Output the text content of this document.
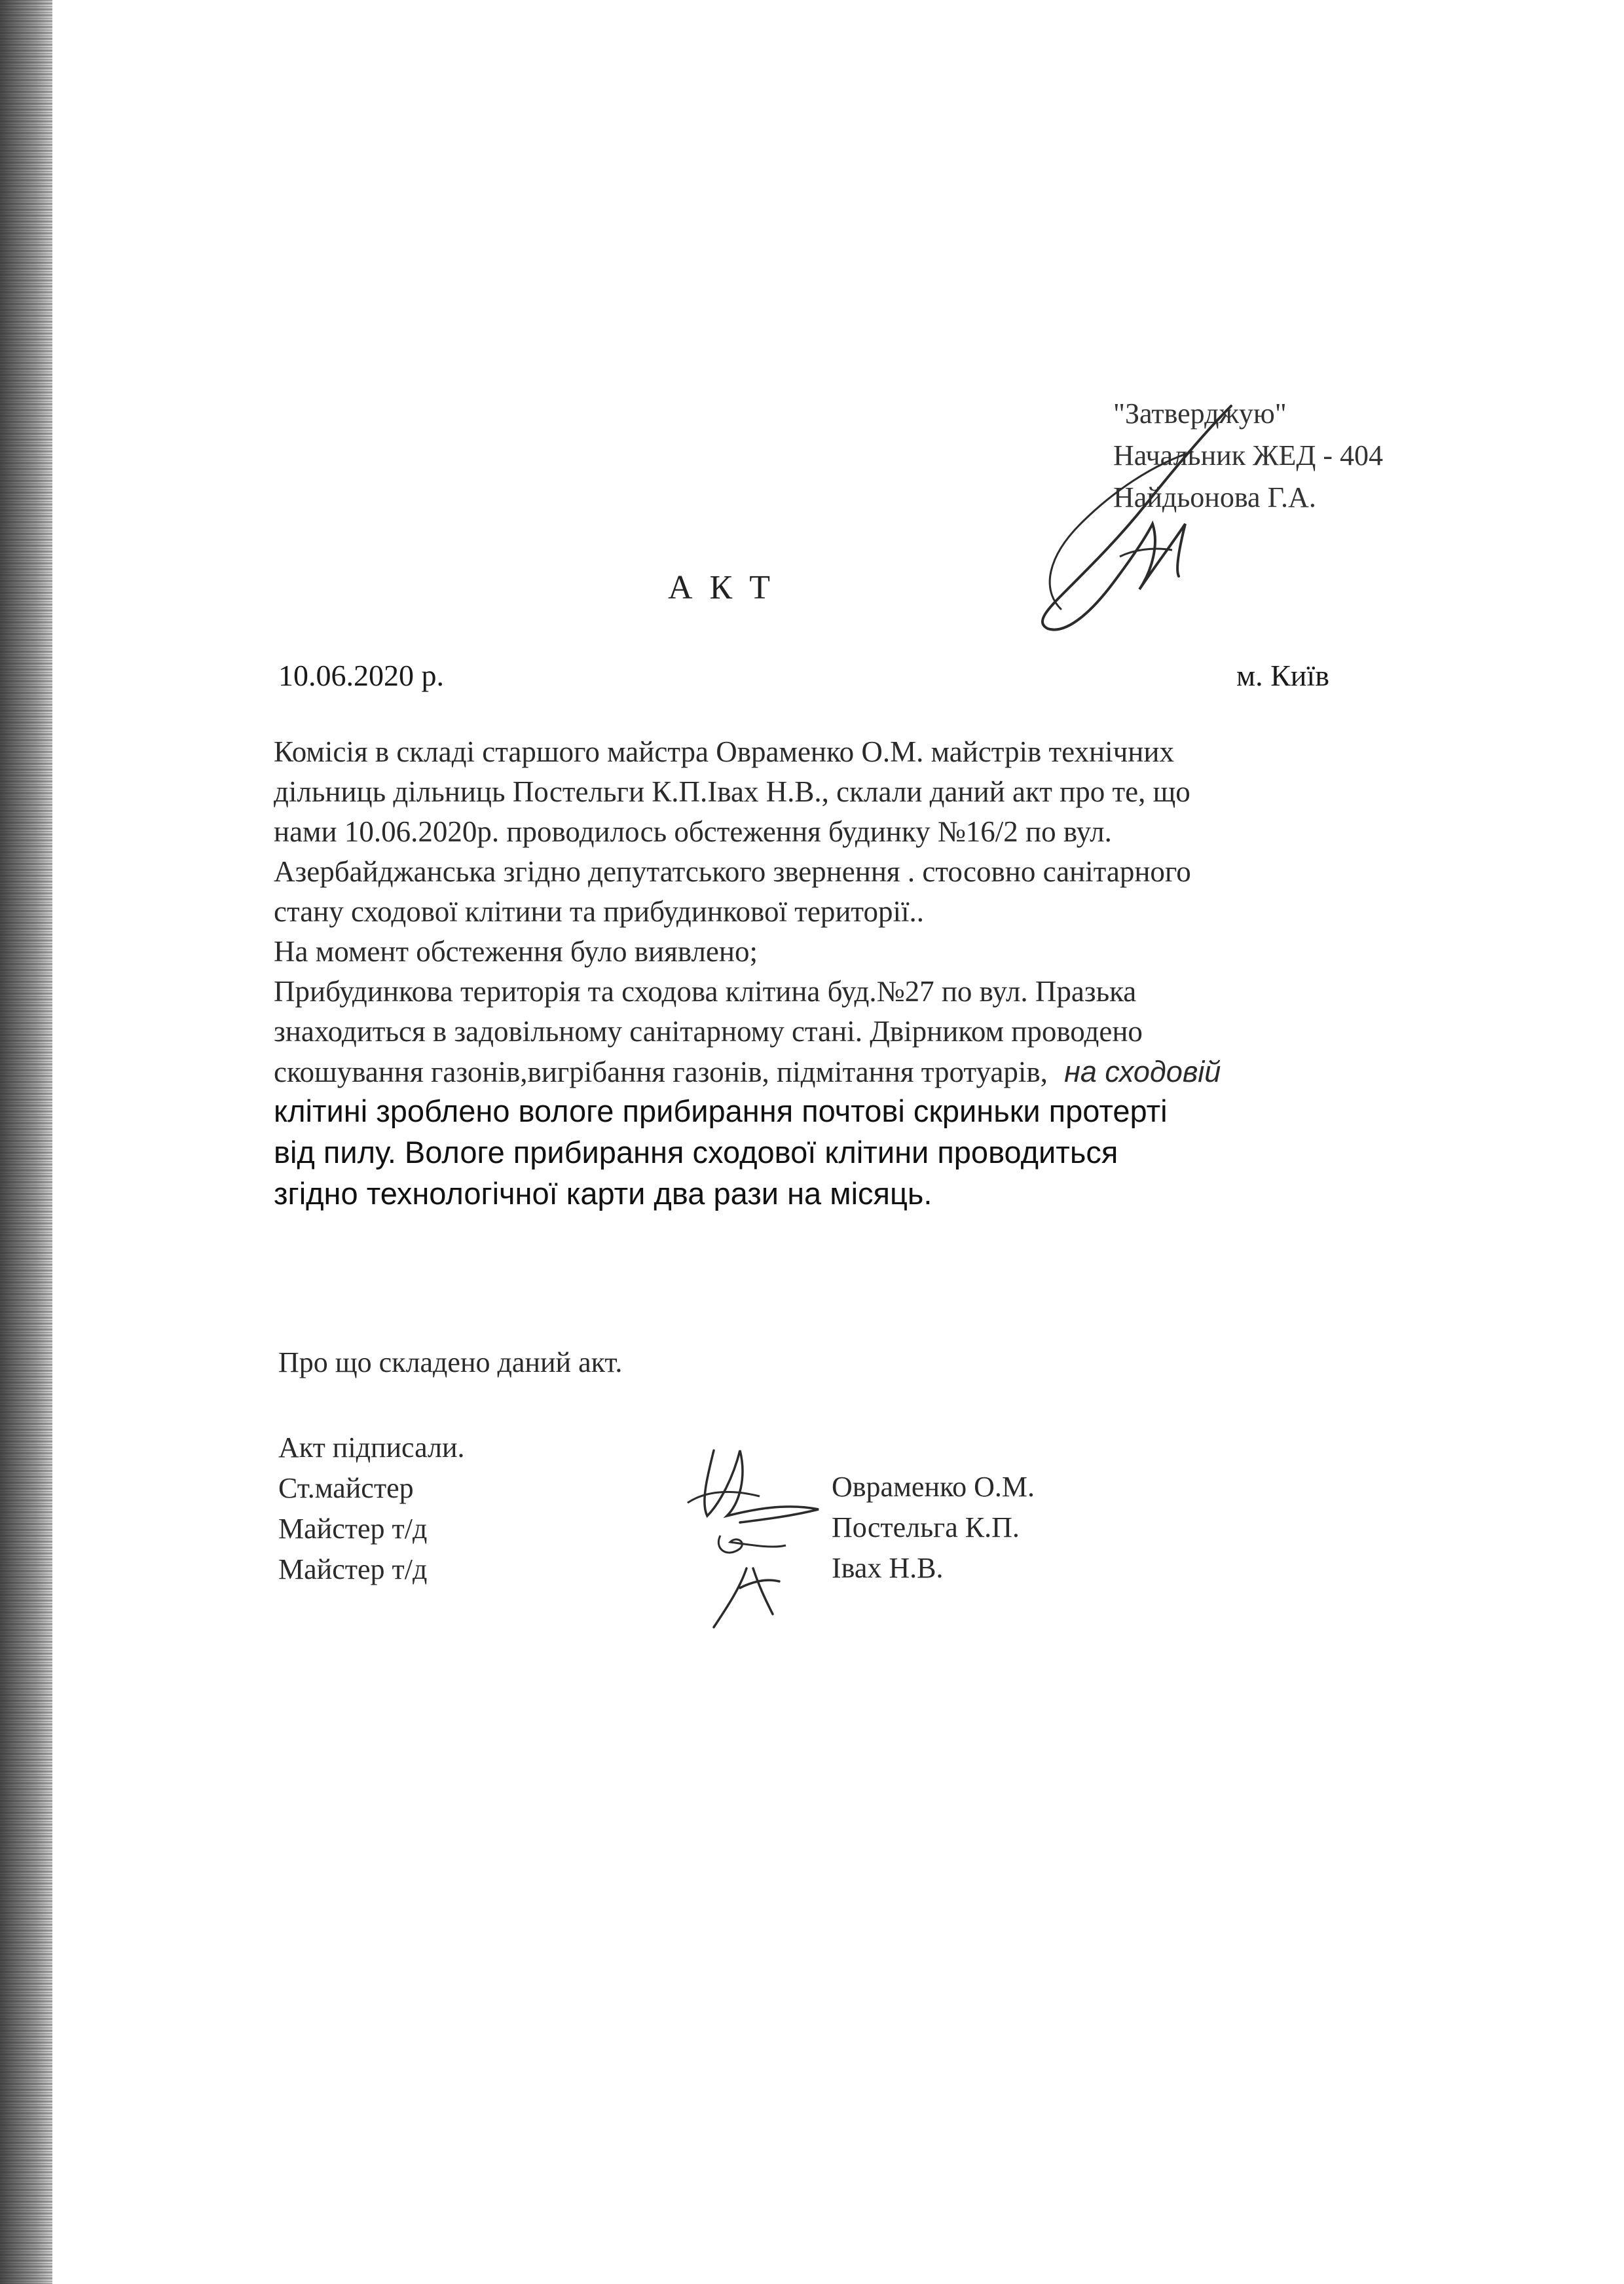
"Затверджую"
Начальник ЖЕД - 404
Найдьонова Г.А.
АКТ
10.06.2020 р.	м. Київ
Комісія в складі старшого майстра Овраменко О.М. майстрів технічних
дільниць дільниць Постельги К.П.Івах Н.В., склали даний акт про те, що
нами 10.06.2020р. проводилось обстеження будинку №16/2 по вул.
Азербайджанська згідно депутатського звернення . стосовно санітарного
стану сходової клітини та прибудинкової території..
На момент обстеження було виявлено;
Прибудинкова територія та сходова клітина буд.№27 по вул. Празька
знаходиться в задовільному санітарному стані. Двірником проводено
скошування газонів,вигрібання газонів, підмітання тротуарів, на сходовій
клітині зроблено вологе прибирання почтові скриньки протерті
від пилу. Вологе прибирання сходової клітини проводиться
згідно технологічної карти два рази на місяць.
Про що складено даний акт.
Акт підписали.
Ст.майстер
Майстер т/д
Майстер т/д
Овраменко О.М.
Постельга К.П.
Івах Н.В.
